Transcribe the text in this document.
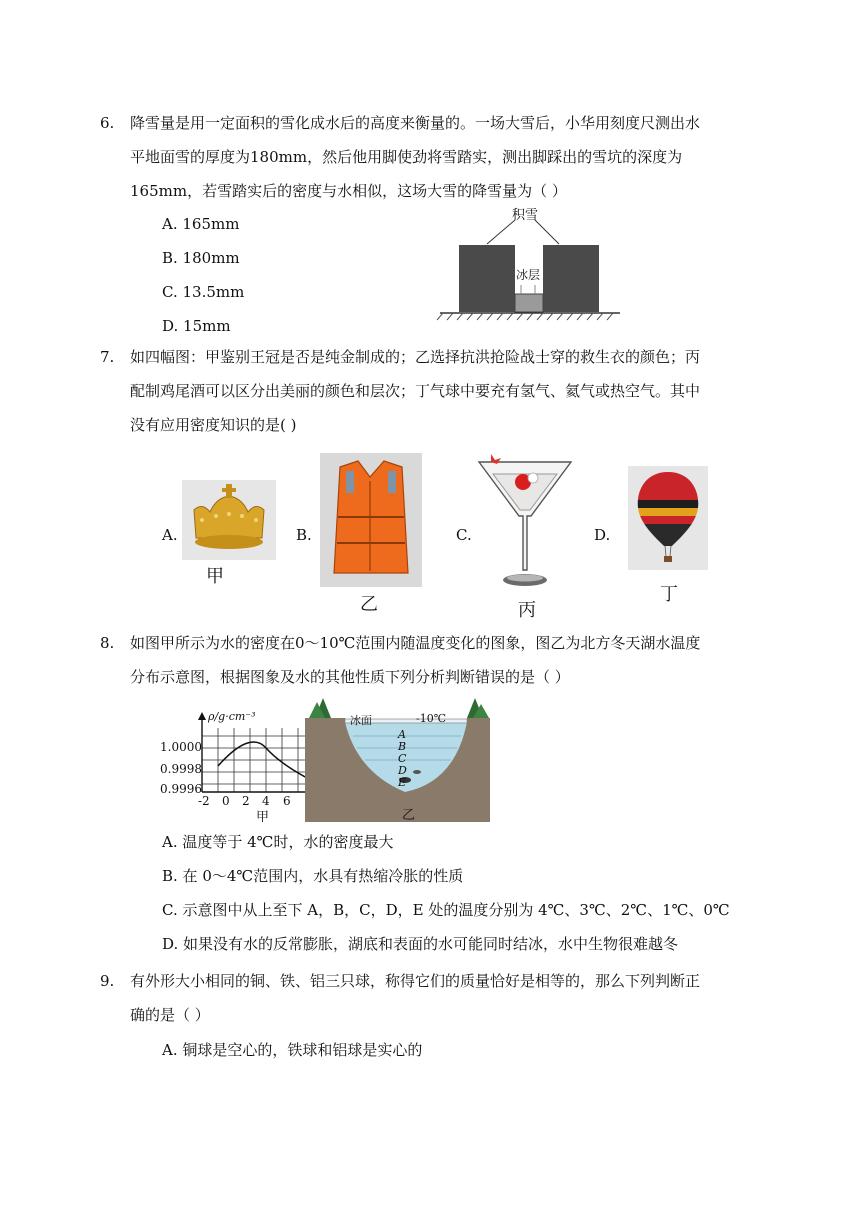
6. 降雪量是用一定面积的雪化成水后的高度来衡量的。一场大雪后，小华用刻度尺测出水
平地面雪的厚度为180mm，然后他用脚使劲将雪踏实，测出脚踩出的雪坑的深度为
165mm，若雪踏实后的密度与水相似，这场大雪的降雪量为（ ）
A. 165mm
B. 180mm
C. 13.5mm
D. 15mm
积雪
冰层
7. 如四幅图：甲鉴别王冠是否是纯金制成的；乙选择抗洪抢险战士穿的救生衣的颜色；丙
配制鸡尾酒可以区分出美丽的颜色和层次；丁气球中要充有氢气、氦气或热空气。其中
没有应用密度知识的是( )
A.
甲
B.
乙
C.
丙
D.
丁
8. 如图甲所示为水的密度在0～10℃范围内随温度变化的图象，图乙为北方冬天湖水温度
分布示意图，根据图象及水的其他性质下列分析判断错误的是（ ）
ρ/g·cm⁻³
1.0000
0.9998
0.9996
-2 0 2 4 6
甲
冰面	-10℃
A
B
C
D
E
乙
A. 温度等于 4℃时，水的密度最大
B. 在 0～4℃范围内，水具有热缩冷胀的性质
C. 示意图中从上至下 A，B，C，D，E 处的温度分别为 4℃、3℃、2℃、1℃、0℃
D. 如果没有水的反常膨胀，湖底和表面的水可能同时结冰，水中生物很难越冬
9. 有外形大小相同的铜、铁、铝三只球，称得它们的质量恰好是相等的，那么下列判断正
确的是（ ）
A. 铜球是空心的，铁球和铝球是实心的
